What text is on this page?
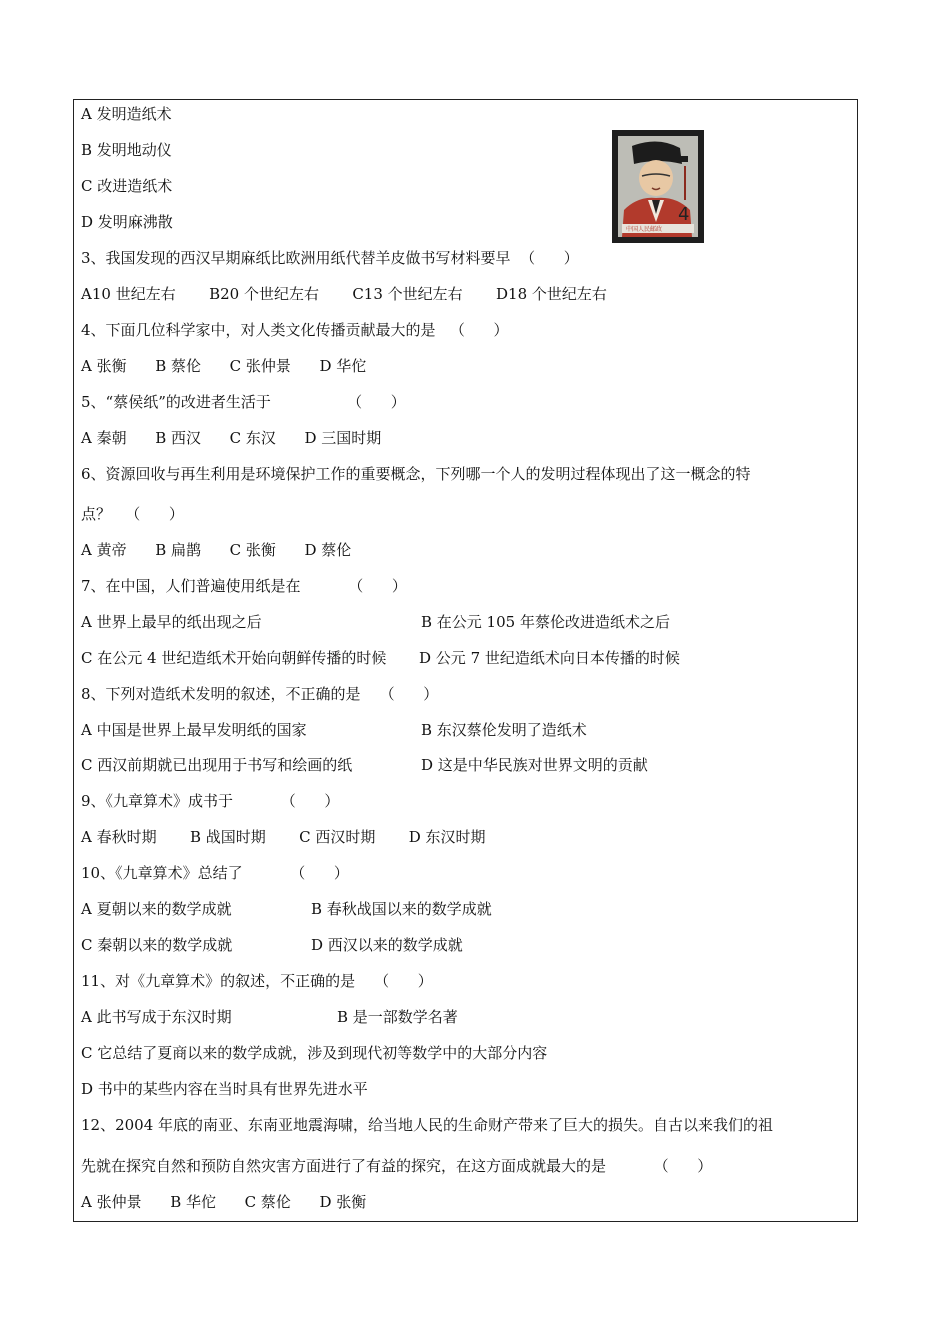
A 发明造纸术
B 发明地动仪
C 改进造纸术
D 发明麻沸散
3、我国发现的西汉早期麻纸比欧洲用纸代替羊皮做书写材料要早  （      ）
A10 世纪左右       B20 个世纪左右       C13 个世纪左右       D18 个世纪左右
4、下面几位科学家中，对人类文化传播贡献最大的是   （      ）
A 张衡      B 蔡伦      C 张仲景      D 华佗
5、“蔡侯纸”的改进者生活于                （      ）
A 秦朝      B 西汉      C 东汉      D 三国时期
6、资源回收与再生利用是环境保护工作的重要概念，下列哪一个人的发明过程体现出了这一概念的特
点？   （      ）
A 黄帝      B 扁鹊      C 张衡      D 蔡伦
7、在中国，人们普遍使用纸是在          （      ）
8、下列对造纸术发明的叙述，不正确的是    （      ）
9、《九章算术》成书于          （      ）
A 春秋时期       B 战国时期       C 西汉时期       D 东汉时期
10、《九章算术》总结了          （      ）
11、对《九章算术》的叙述，不正确的是    （      ）
C 它总结了夏商以来的数学成就，涉及到现代初等数学中的大部分内容
D 书中的某些内容在当时具有世界先进水平
12、2004 年底的南亚、东南亚地震海啸，给当地人民的生命财产带来了巨大的损失。自古以来我们的祖
先就在探究自然和预防自然灾害方面进行了有益的探究，在这方面成就最大的是          （      ）
A 张仲景      B 华佗      C 蔡伦      D 张衡
A 世界上最早的纸出现之后	B 在公元 105 年蔡伦改进造纸术之后
C 在公元 4 世纪造纸术开始向朝鲜传播的时候 D 公元 7 世纪造纸术向日本传播的时候
A 中国是世界上最早发明纸的国家	B 东汉蔡伦发明了造纸术
C 西汉前期就已出现用于书写和绘画的纸	D 这是中华民族对世界文明的贡献
A 夏朝以来的数学成就	B 春秋战国以来的数学成就
C 秦朝以来的数学成就	D 西汉以来的数学成就
A 此书写成于东汉时期	B 是一部数学名著
4
中国人民邮政
